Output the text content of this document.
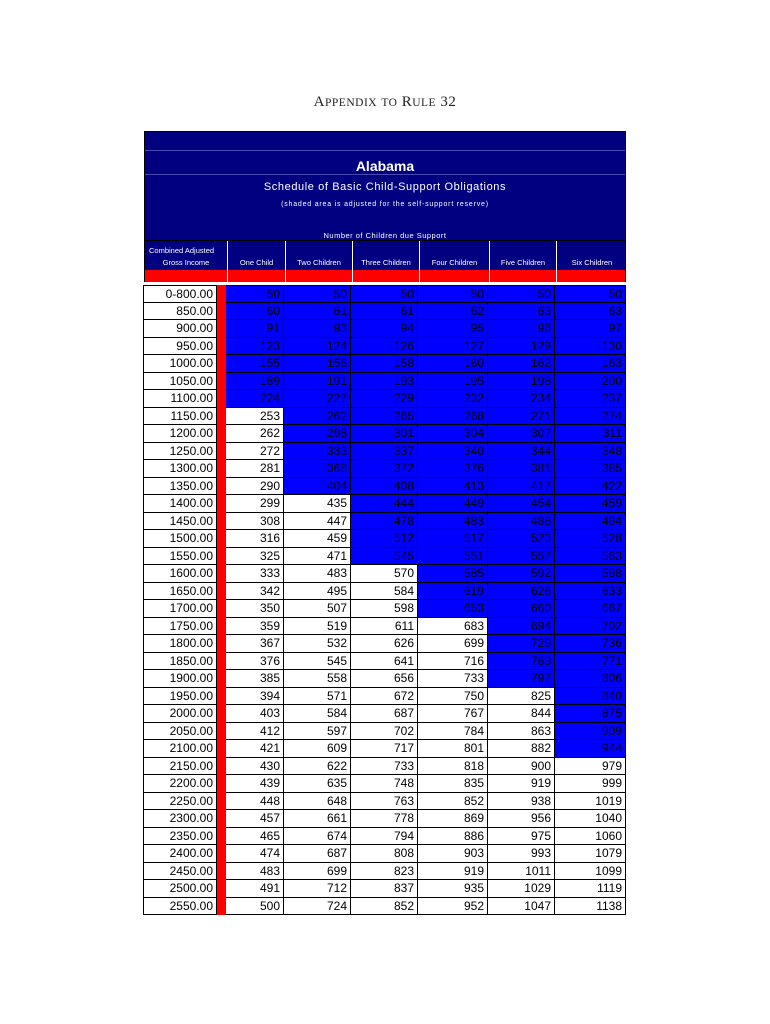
APPENDIX TO RULE 32
Alabama
Schedule of Basic Child-Support Obligations
(shaded area is adjusted for the self-support reserve)
Number of Children due Support
Combined Adjusted
Gross Income	One Child	Two Children	Three Children	Four Children	Five Children	Six Children
0-800.00	50	50	50	50	50	50
850.00	60	61	61	62	63	63
900.00	91	93	94	95	96	97
950.00	123	124	126	127	129	130
1000.00	155	156	158	160	162	163
1050.00	189	191	193	195	198	200
1100.00	224	227	229	232	234	237
1150.00	253	262	265	268	271	274
1200.00	262	298	301	304	307	311
1250.00	272	333	337	340	344	348
1300.00	281	368	372	376	381	385
1350.00	290	404	408	413	417	422
1400.00	299	435	444	449	454	459
1450.00	308	447	478	483	488	494
1500.00	316	459	512	517	523	528
1550.00	325	471	545	551	557	563
1600.00	333	483	570	585	592	598
1650.00	342	495	584	619	626	633
1700.00	350	507	598	653	660	667
1750.00	359	519	611	683	694	702
1800.00	367	532	626	699	729	736
1850.00	376	545	641	716	763	771
1900.00	385	558	656	733	797	806
1950.00	394	571	672	750	825	840
2000.00	403	584	687	767	844	875
2050.00	412	597	702	784	863	909
2100.00	421	609	717	801	882	944
2150.00	430	622	733	818	900	979
2200.00	439	635	748	835	919	999
2250.00	448	648	763	852	938	1019
2300.00	457	661	778	869	956	1040
2350.00	465	674	794	886	975	1060
2400.00	474	687	808	903	993	1079
2450.00	483	699	823	919	1011	1099
2500.00	491	712	837	935	1029	1119
2550.00	500	724	852	952	1047	1138
